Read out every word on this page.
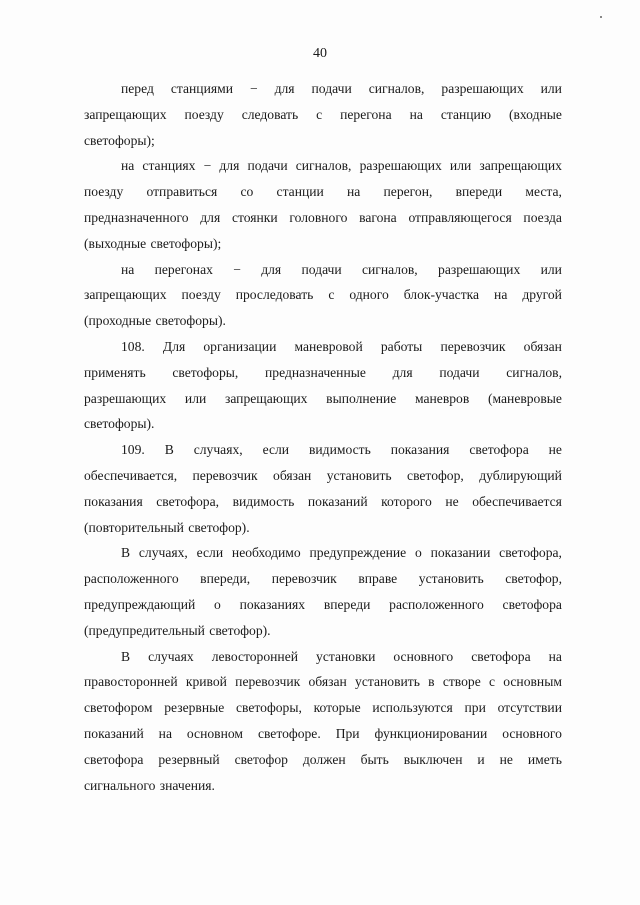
40
перед станциями − для подачи сигналов, разрешающих или
запрещающих поезду следовать с перегона на станцию (входные
светофоры);
на станциях − для подачи сигналов, разрешающих или запрещающих
поезду отправиться со станции на перегон, впереди места,
предназначенного для стоянки головного вагона отправляющегося поезда
(выходные светофоры);
на перегонах − для подачи сигналов, разрешающих или
запрещающих поезду проследовать с одного блок-участка на другой
(проходные светофоры).
108. Для организации маневровой работы перевозчик обязан
применять светофоры, предназначенные для подачи сигналов,
разрешающих или запрещающих выполнение маневров (маневровые
светофоры).
109. В случаях, если видимость показания светофора не
обеспечивается, перевозчик обязан установить светофор, дублирующий
показания светофора, видимость показаний которого не обеспечивается
(повторительный светофор).
В случаях, если необходимо предупреждение о показании светофора,
расположенного впереди, перевозчик вправе установить светофор,
предупреждающий о показаниях впереди расположенного светофора
(предупредительный светофор).
В случаях левосторонней установки основного светофора на
правосторонней кривой перевозчик обязан установить в створе с основным
светофором резервные светофоры, которые используются при отсутствии
показаний на основном светофоре. При функционировании основного
светофора резервный светофор должен быть выключен и не иметь
сигнального значения.
